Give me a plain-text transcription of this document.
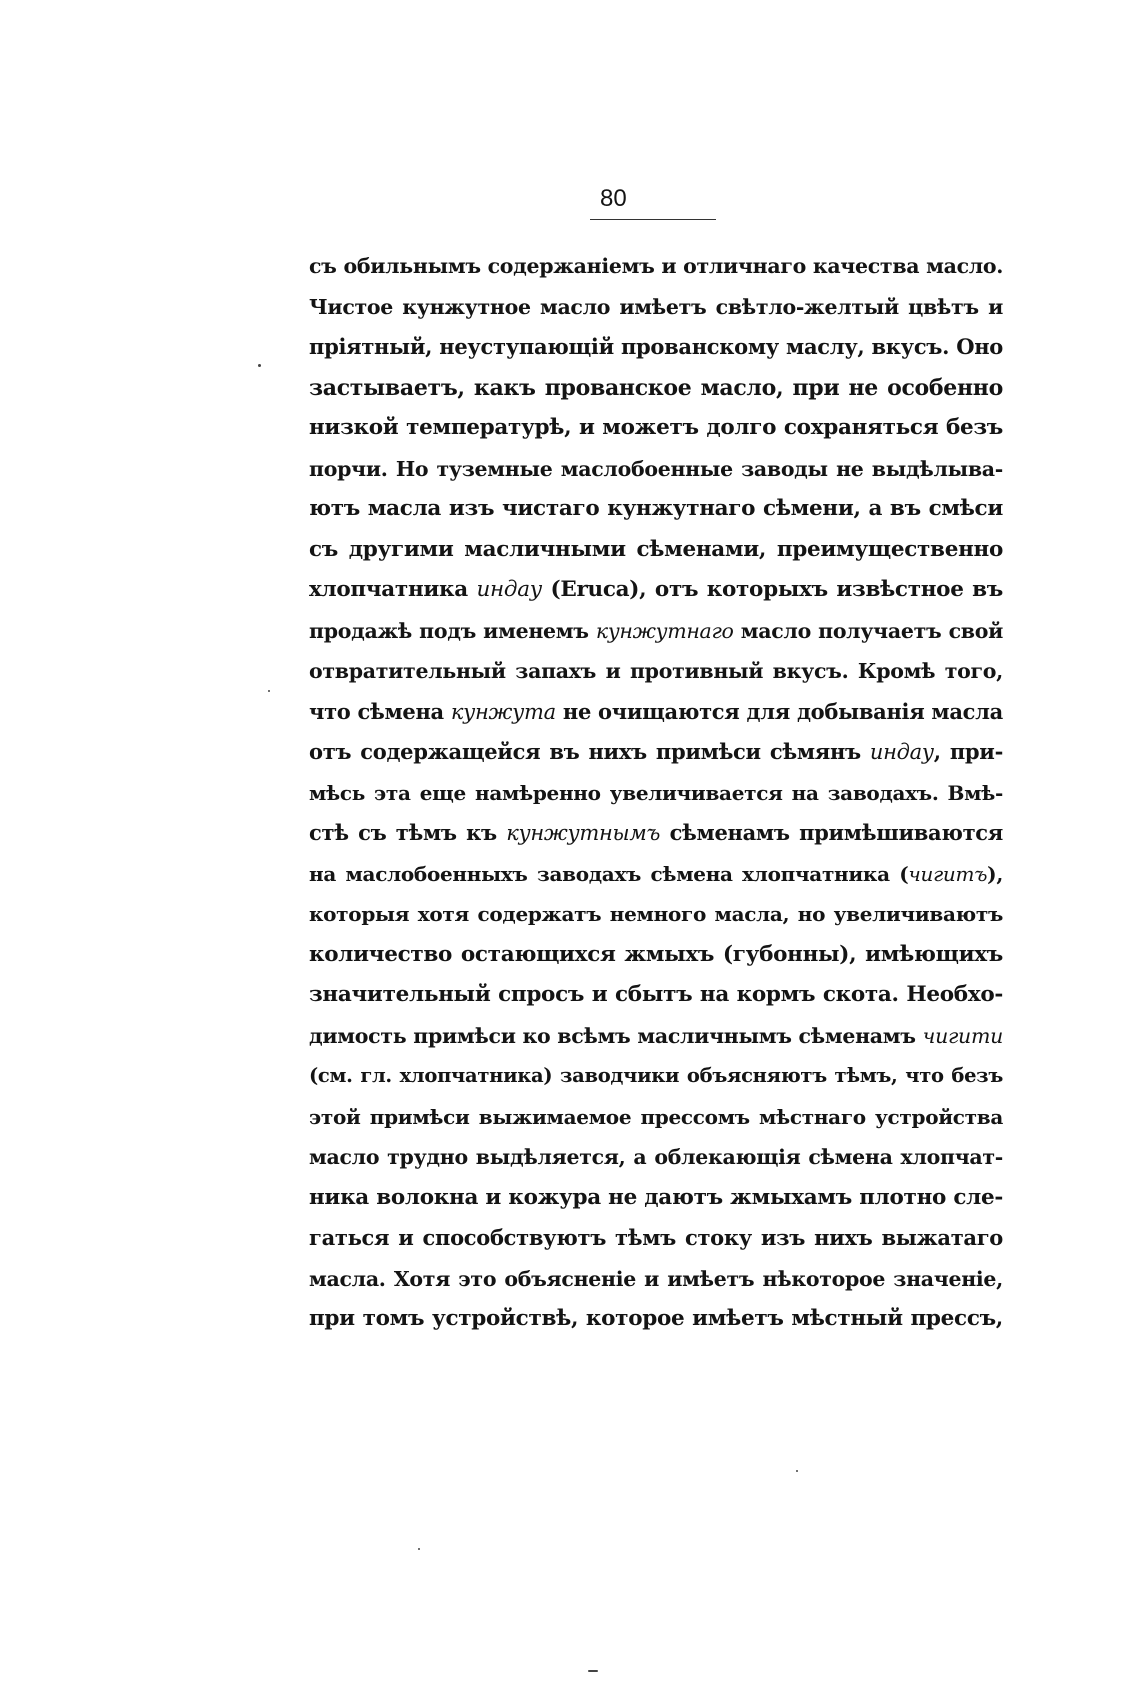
80
съ обильнымъ содержаніемъ и отличнаго качества масло.
Чистое кунжутное масло имѣетъ свѣтло-желтый цвѣтъ и
пріятный, неуступающій прованскому маслу, вкусъ. Оно
застываетъ, какъ прованское масло, при не особенно
низкой температурѣ, и можетъ долго сохраняться безъ
порчи. Но туземные маслобоенные заводы не выдѣлыва-
ютъ масла изъ чистаго кунжутнаго сѣмени, а въ смѣси
съ другими масличными сѣменами, преимущественно
хлопчатника индау (Eruca), отъ которыхъ извѣстное въ
продажѣ подъ именемъ кунжутнаго масло получаетъ свой
отвратительный запахъ и противный вкусъ. Кромѣ того,
что сѣмена кунжута не очищаются для добыванія масла
отъ содержащейся въ нихъ примѣси сѣмянъ индау, при-
мѣсь эта еще намѣренно увеличивается на заводахъ. Вмѣ-
стѣ съ тѣмъ къ кунжутнымъ сѣменамъ примѣшиваются
на маслобоенныхъ заводахъ сѣмена хлопчатника (чигитъ),
которыя хотя содержатъ немного масла, но увеличиваютъ
количество остающихся жмыхъ (губонны), имѣющихъ
значительный спросъ и сбытъ на кормъ скота. Необхо-
димость примѣси ко всѣмъ масличнымъ сѣменамъ чигити
(см. гл. хлопчатника) заводчики объясняютъ тѣмъ, что безъ
этой примѣси выжимаемое прессомъ мѣстнаго устройства
масло трудно выдѣляется, а облекающія сѣмена хлопчат-
ника волокна и кожура не даютъ жмыхамъ плотно сле-
гаться и способствуютъ тѣмъ стоку изъ нихъ выжатаго
масла. Хотя это объясненіе и имѣетъ нѣкоторое значеніе,
при томъ устройствѣ, которое имѣетъ мѣстный прессъ,
